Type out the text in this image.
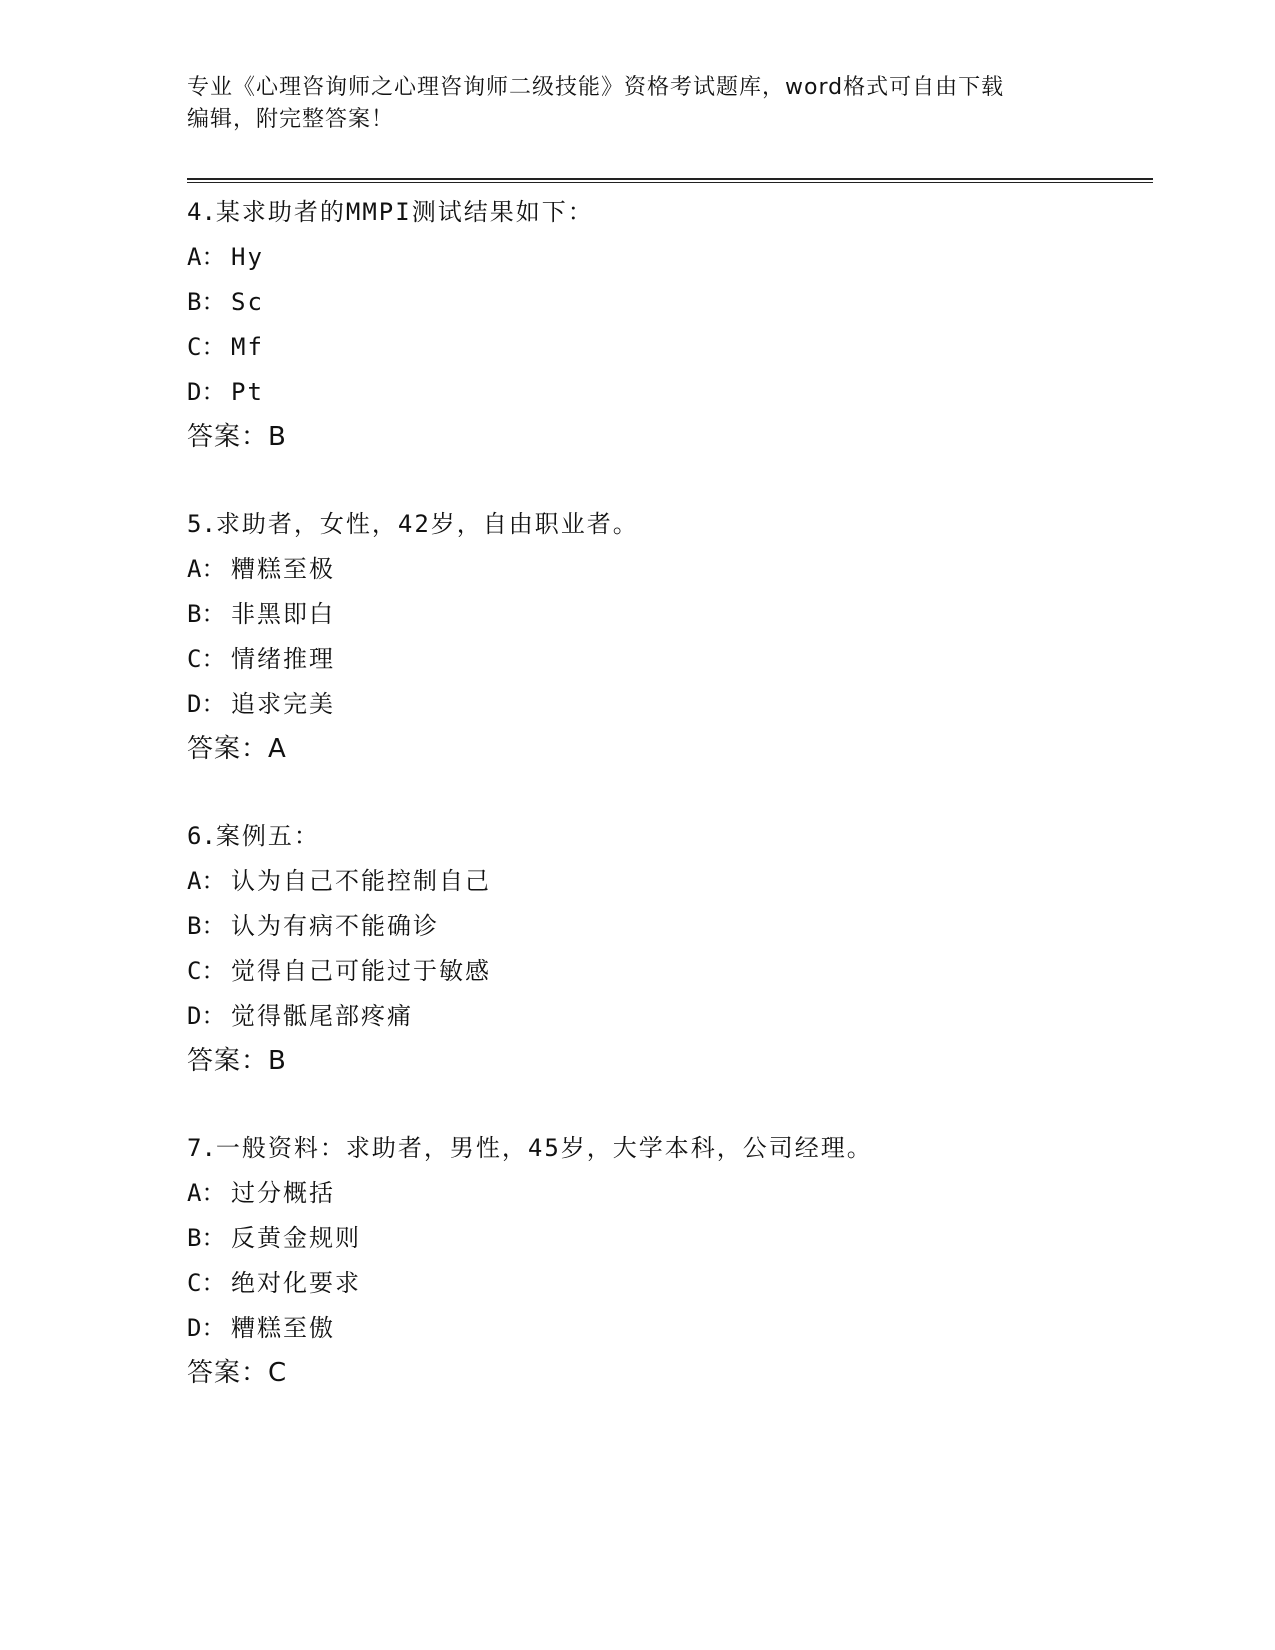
专业《心理咨询师之心理咨询师二级技能》资格考试题库，word格式可自由下载
编辑，附完整答案！
4.某求助者的MMPI测试结果如下：
A： Hy
B： Sc
C： Mf
D： Pt
答案：B
5.求助者，女性，42岁，自由职业者。
A： 糟糕至极
B： 非黑即白
C： 情绪推理
D： 追求完美
答案：A
6.案例五：
A： 认为自己不能控制自己
B： 认为有病不能确诊
C： 觉得自己可能过于敏感
D： 觉得骶尾部疼痛
答案：B
7.一般资料：求助者，男性，45岁，大学本科，公司经理。
A： 过分概括
B： 反黄金规则
C： 绝对化要求
D： 糟糕至傲
答案：C
